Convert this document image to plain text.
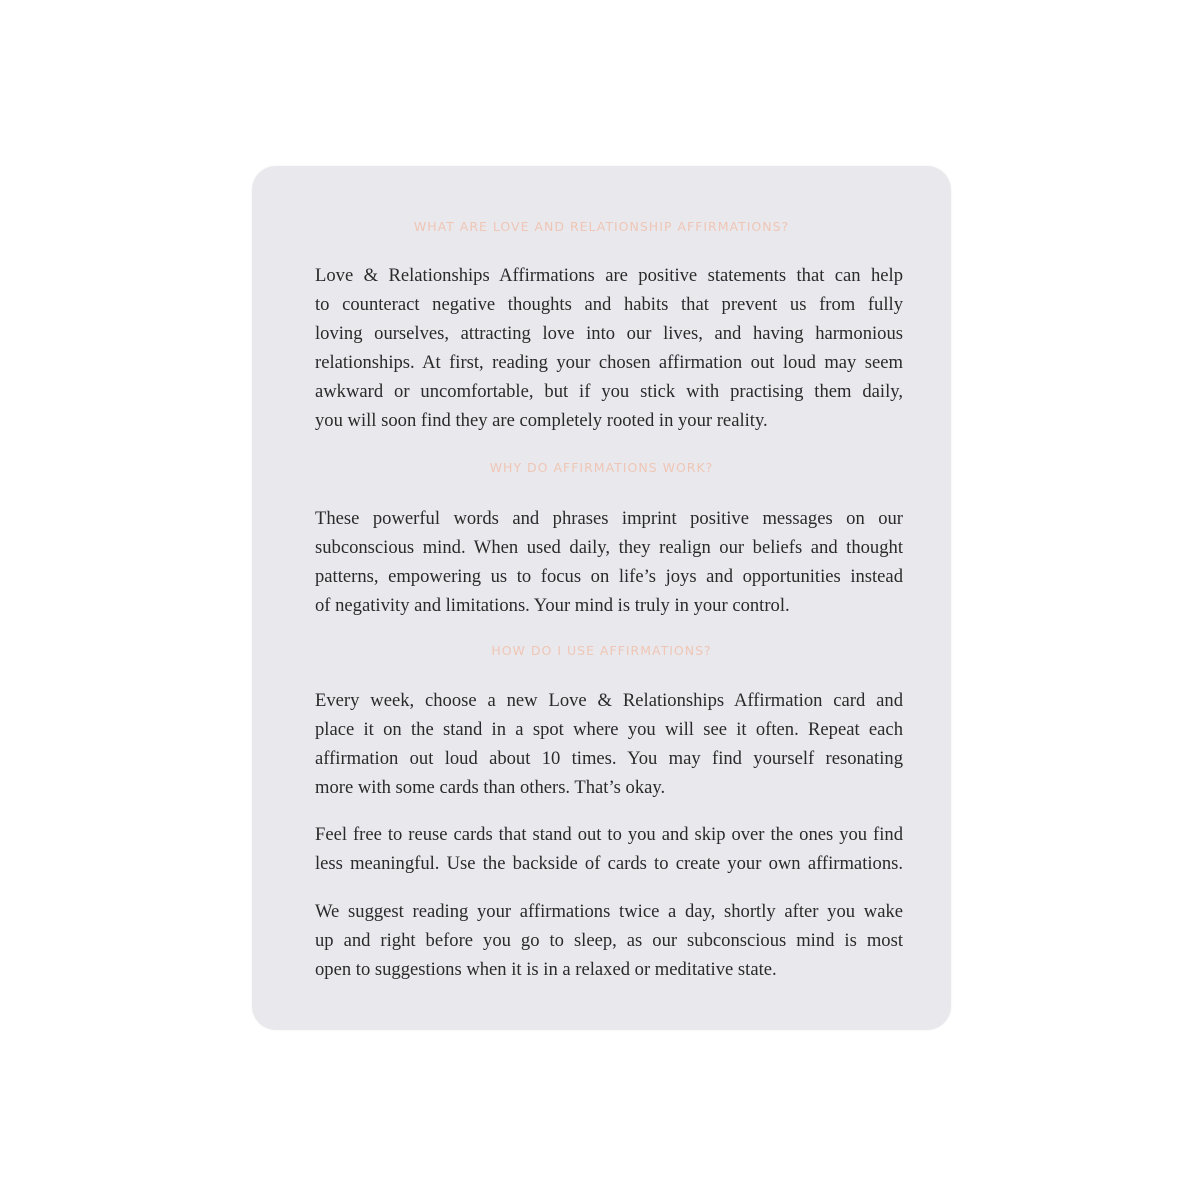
WHAT ARE LOVE AND RELATIONSHIP AFFIRMATIONS?
Love & Relationships Affirmations are positive statements that can help
to counteract negative thoughts and habits that prevent us from fully
loving ourselves, attracting love into our lives, and having harmonious
relationships. At first, reading your chosen affirmation out loud may seem
awkward or uncomfortable, but if you stick with practising them daily,
you will soon find they are completely rooted in your reality.
WHY DO AFFIRMATIONS WORK?
These powerful words and phrases imprint positive messages on our
subconscious mind. When used daily, they realign our beliefs and thought
patterns, empowering us to focus on life’s joys and opportunities instead
of negativity and limitations. Your mind is truly in your control.
HOW DO I USE AFFIRMATIONS?
Every week, choose a new Love & Relationships Affirmation card and
place it on the stand in a spot where you will see it often. Repeat each
affirmation out loud about 10 times. You may find yourself resonating
more with some cards than others. That’s okay.
Feel free to reuse cards that stand out to you and skip over the ones you find
less meaningful. Use the backside of cards to create your own affirmations.
We suggest reading your affirmations twice a day, shortly after you wake
up and right before you go to sleep, as our subconscious mind is most
open to suggestions when it is in a relaxed or meditative state.
